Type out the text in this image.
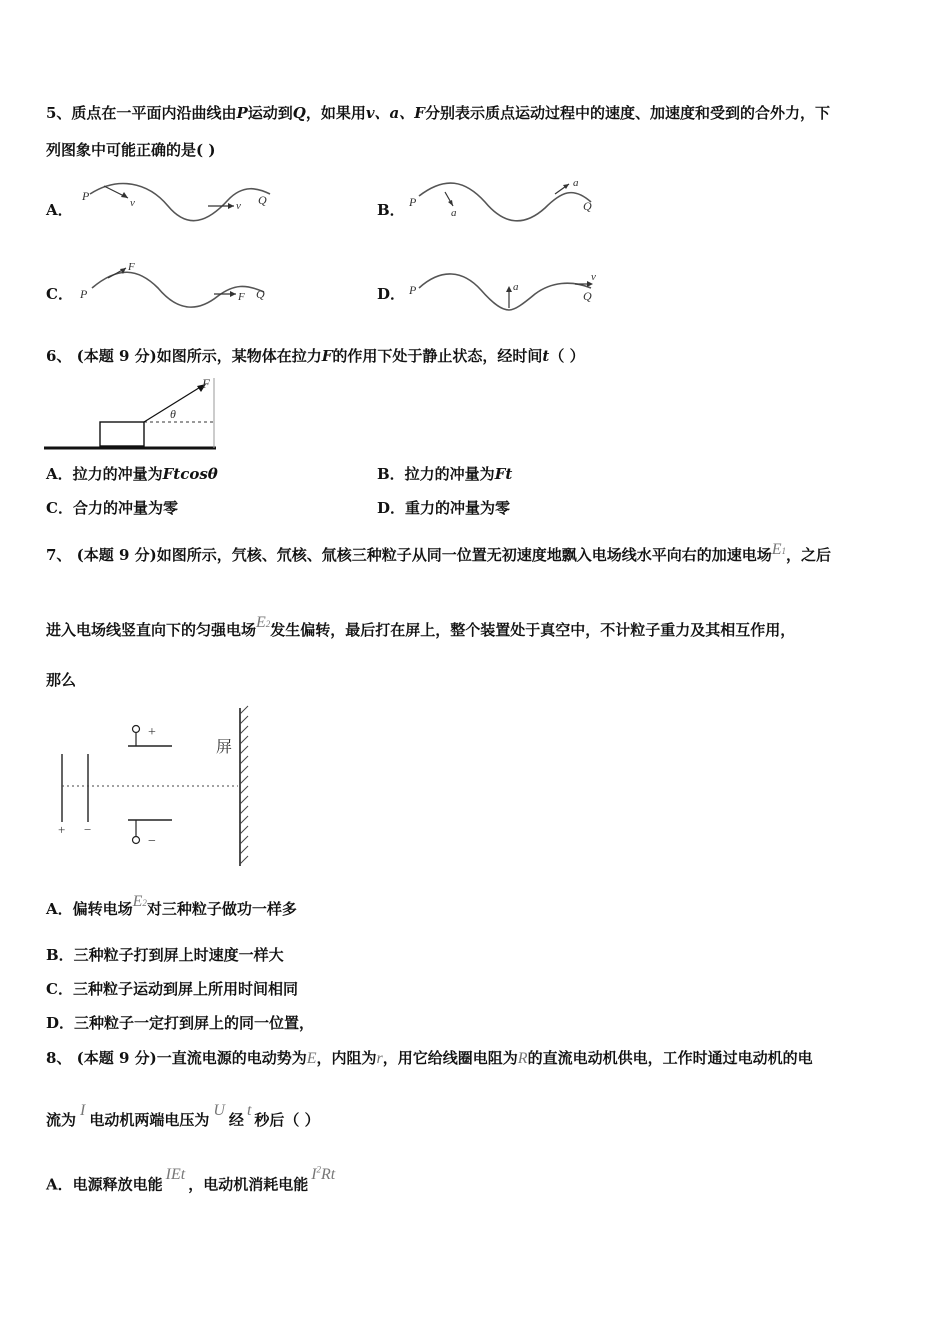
5、质点在一平面内沿曲线由P运动到Q，如果用v、a、F分别表示质点运动过程中的速度、加速度和受到的合外力，下
列图象中可能正确的是( )
A．
P	Q
v	v	B． P	Q
a
a
C． P	Q
F
F	D． P	Q
a
v
6、 (本题 9 分)如图所示，某物体在拉力F的作用下处于静止状态，经时间t（ ）
F
θ
A．拉力的冲量为Ftcosθ	B．拉力的冲量为Ft
C．合力的冲量为零	D．重力的冲量为零
7、 (本题 9 分)如图所示，氕核、氘核、氚核三种粒子从同一位置无初速度地飘入电场线水平向右的加速电场E1，之后
进入电场线竖直向下的匀强电场E2发生偏转，最后打在屏上，整个装置处于真空中，不计粒子重力及其相互作用，
那么
+ −
+
−
屏
A．偏转电场E2对三种粒子做功一样多
B．三种粒子打到屏上时速度一样大
C．三种粒子运动到屏上所用时间相同
D．三种粒子一定打到屏上的同一位置，
8、 (本题 9 分)一直流电源的电动势为E，内阻为r，用它给线圈电阻为R的直流电动机供电，工作时通过电动机的电
流为I电动机两端电压为U经t秒后（ ）
A．电源释放电能IEt，电动机消耗电能$I^2Rt$
